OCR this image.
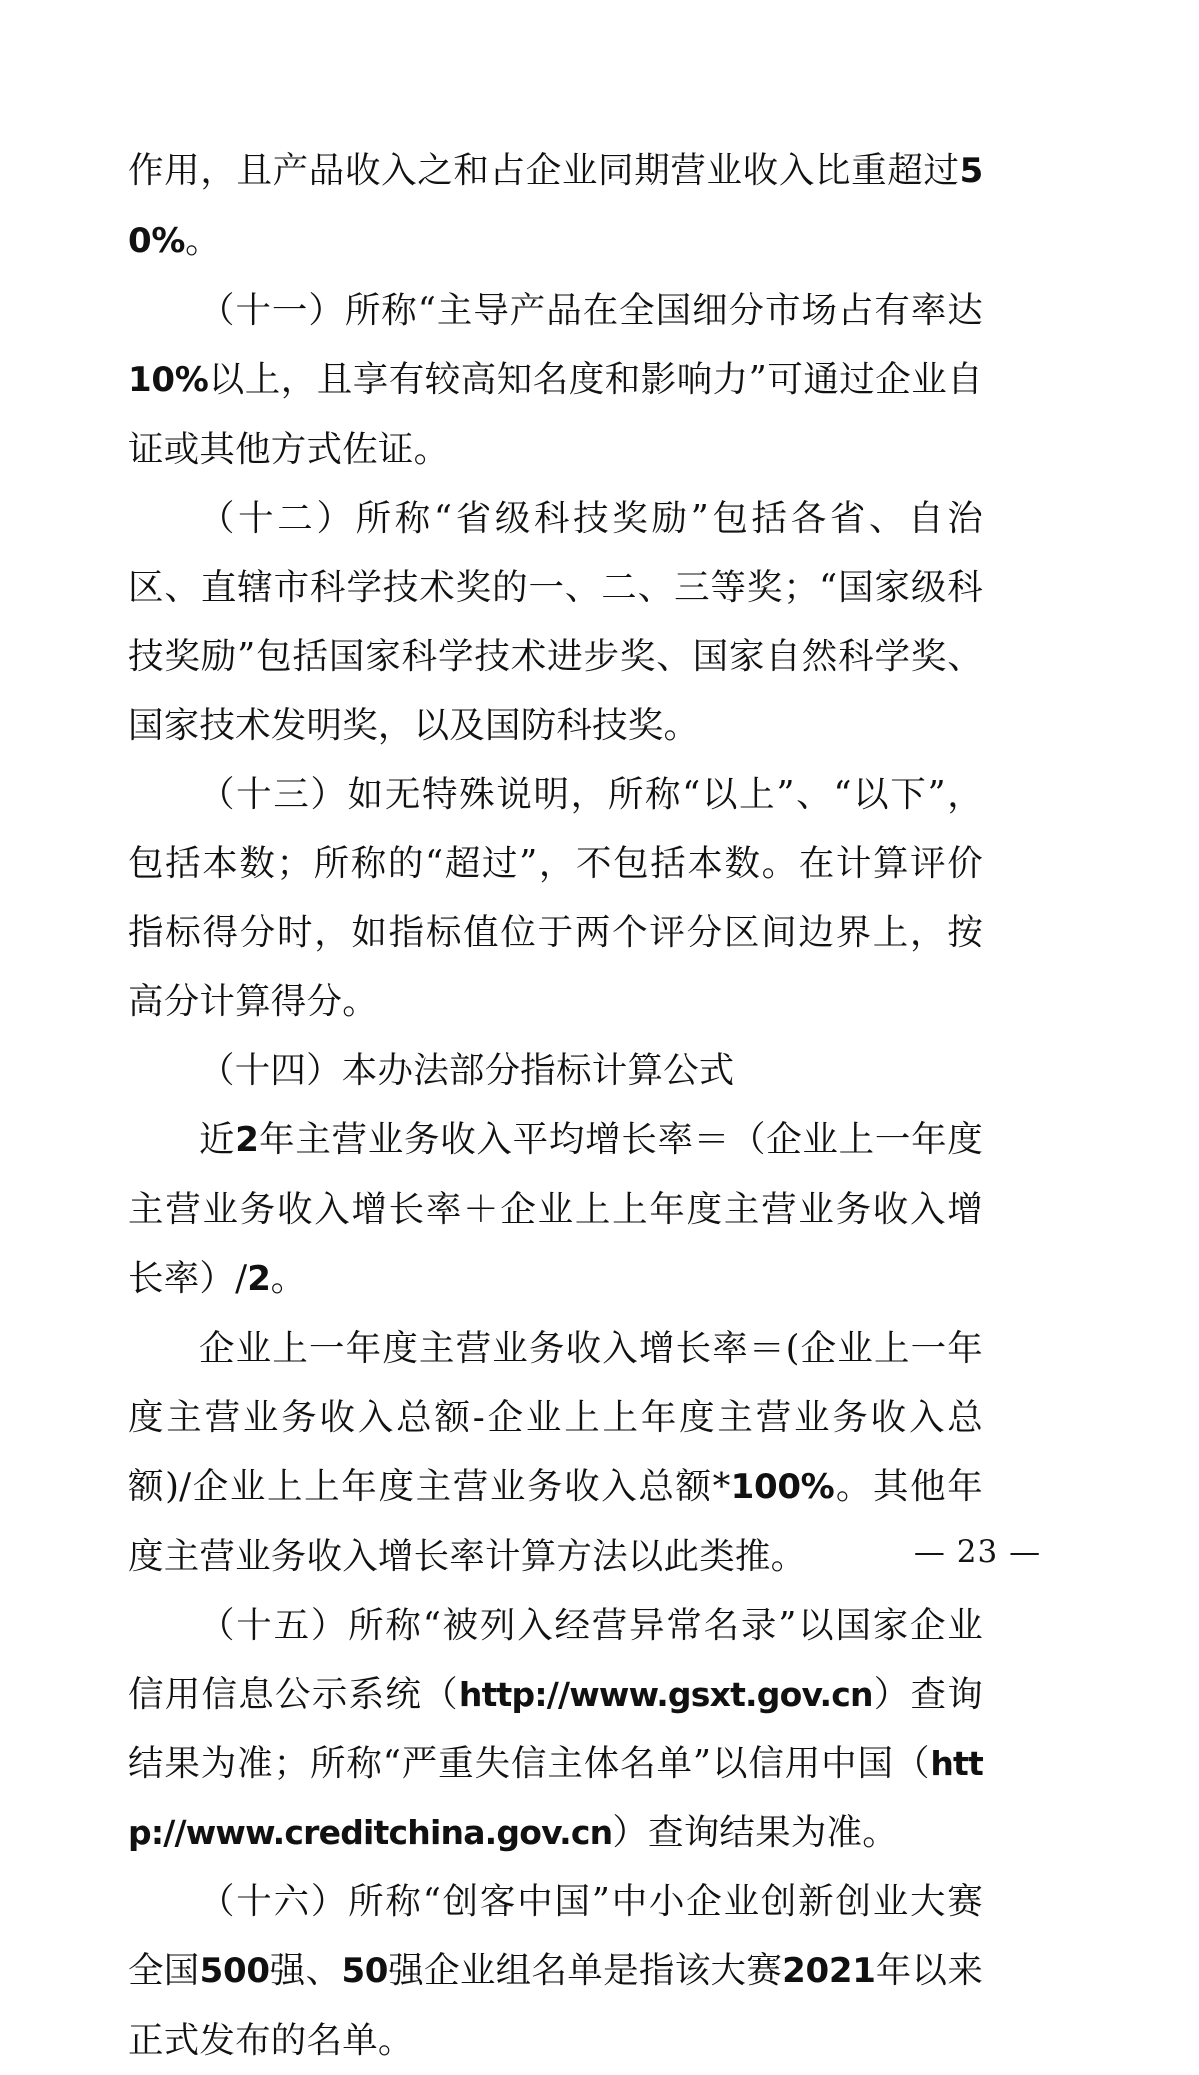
作用，且产品收入之和占企业同期营业收入比重超过50%。

（十一）所称“主导产品在全国细分市场占有率达10%以上，且享有较高知名度和影响力”可通过企业自证或其他方式佐证。

（十二）所称“省级科技奖励”包括各省、自治区、直辖市科学技术奖的一、二、三等奖；“国家级科技奖励”包括国家科学技术进步奖、国家自然科学奖、国家技术发明奖，以及国防科技奖。

（十三）如无特殊说明，所称“以上”、“以下”，包括本数；所称的“超过”，不包括本数。在计算评价指标得分时，如指标值位于两个评分区间边界上，按高分计算得分。

（十四）本办法部分指标计算公式

近2年主营业务收入平均增长率＝（企业上一年度主营业务收入增长率＋企业上上年度主营业务收入增长率）/2。

企业上一年度主营业务收入增长率＝(企业上一年度主营业务收入总额-企业上上年度主营业务收入总额)/企业上上年度主营业务收入总额*100%。其他年度主营业务收入增长率计算方法以此类推。

（十五）所称“被列入经营异常名录”以国家企业信用信息公示系统（http://www.gsxt.gov.cn）查询结果为准；所称“严重失信主体名单”以信用中国（http://www.creditchina.gov.cn）查询结果为准。

（十六）所称“创客中国”中小企业创新创业大赛全国500强、50强企业组名单是指该大赛2021年以来正式发布的名单。

— 23 —
